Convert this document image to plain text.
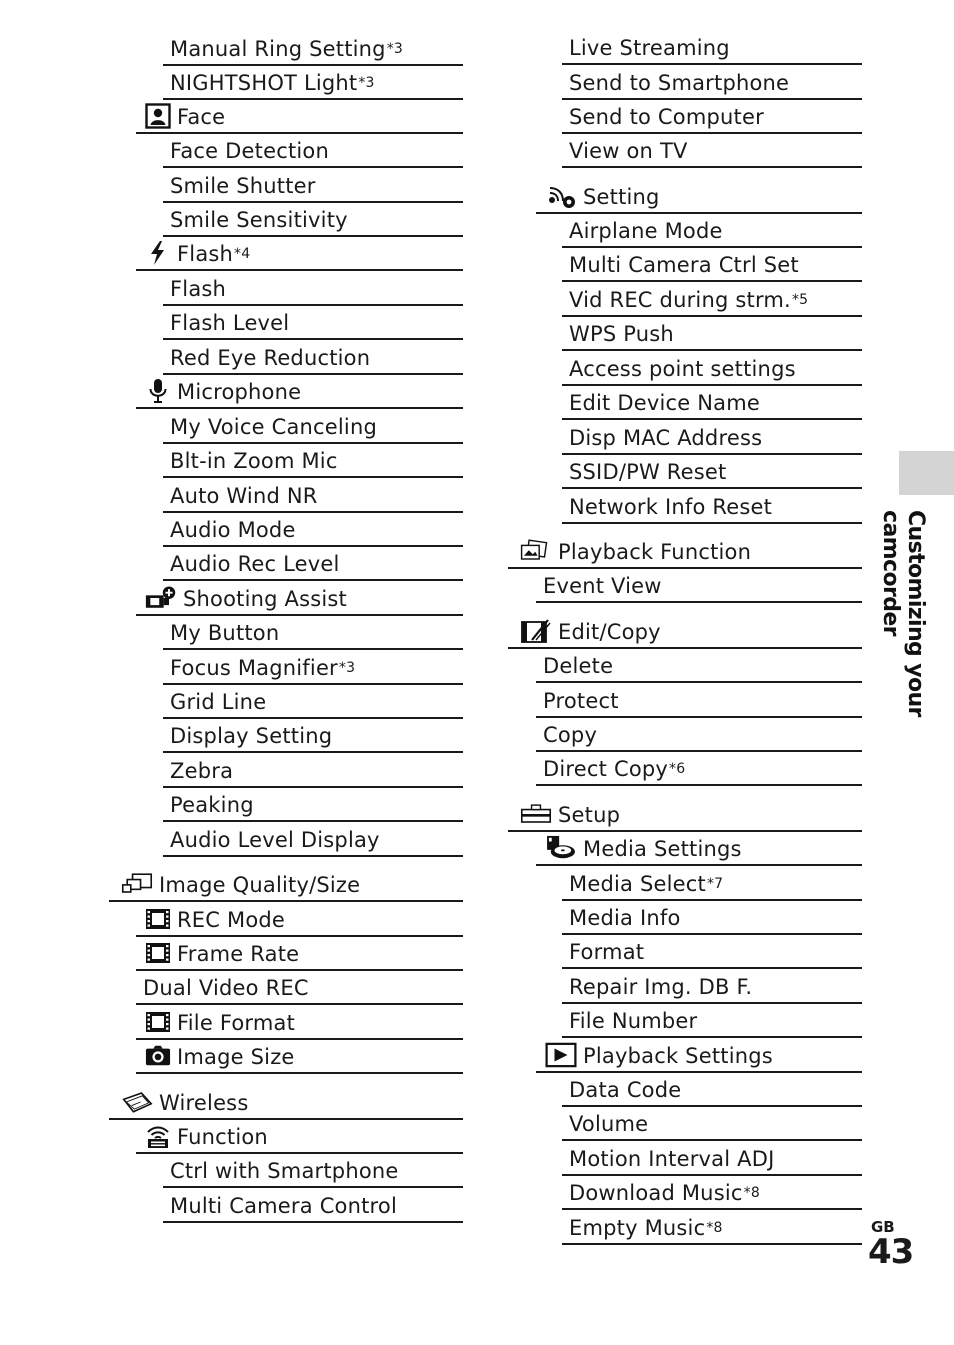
Manual Ring Setting$^{*3}$
NIGHTSHOT Light$^{*3}$
Face
Face Detection
Smile Shutter
Smile Sensitivity
Flash$^{*4}$
Flash
Flash Level
Red Eye Reduction
Microphone
My Voice Canceling
Blt-in Zoom Mic
Auto Wind NR
Audio Mode
Audio Rec Level
Shooting Assist
My Button
Focus Magnifier$^{*3}$
Grid Line
Display Setting
Zebra
Peaking
Audio Level Display
Image Quality/Size
REC Mode
Frame Rate
Dual Video REC
File Format
Image Size
Wireless
Function
Ctrl with Smartphone
Multi Camera Control
Live Streaming
Send to Smartphone
Send to Computer
View on TV
Setting
Airplane Mode
Multi Camera Ctrl Set
Vid REC during strm.$^{*5}$
WPS Push
Access point settings
Edit Device Name
Disp MAC Address
SSID/PW Reset
Network Info Reset
Playback Function
Event View
Edit/Copy
Delete
Protect
Copy
Direct Copy$^{*6}$
Setup
Media Settings
Media Select$^{*7}$
Media Info
Format
Repair Img. DB F.
File Number
Playback Settings
Data Code
Volume
Motion Interval ADJ
Download Music$^{*8}$
Empty Music$^{*8}$
Customizing your camcorder
GB
43
